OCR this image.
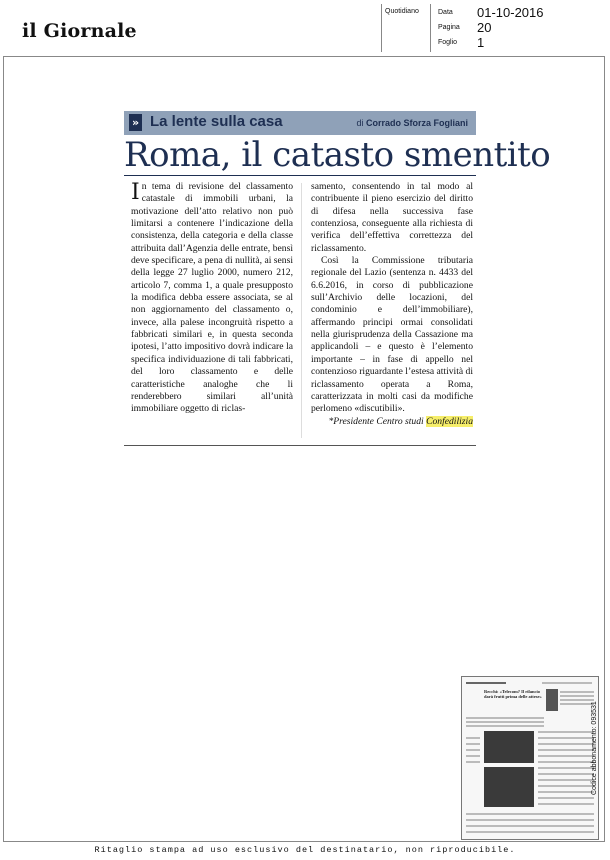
il Giornale
Quotidiano	Data 01-10-2016
Pagina 20
Foglio 1
» La lente sulla casa	di Corrado Sforza Fogliani
Roma, il catasto smentito

In tema di revisione del classamento catastale di immobili urbani, la motivazione dell’atto relativo non può limitarsi a contenere l’indicazione della consistenza, della categoria e della classe attribuita dall’Agenzia delle entrate, bensì deve specificare, a pena di nullità, ai sensi della legge 27 luglio 2000, numero 212, articolo 7, comma 1, a quale presupposto la modifica debba essere associata, se al non aggiornamento del classamento o, invece, alla palese incongruità rispetto a fabbricati similari e, in questa seconda ipotesi, l’atto impositivo dovrà indicare la specifica individuazione di tali fabbricati, del loro classamento e delle caratteristiche analoghe che li renderebbero similari all’unità immobiliare oggetto di riclas-

samento, consentendo in tal modo al contribuente il pieno esercizio del diritto di difesa nella successiva fase contenziosa, conseguente alla richiesta di verifica dell’effettiva correttezza del riclassamento.

Così la Commissione tributaria regionale del Lazio (sentenza n. 4433 del 6.6.2016, in corso di pubblicazione sull’Archivio delle locazioni, del condominio e dell’immobiliare), affermando principi ormai consolidati nella giurisprudenza della Cassazione ma applicandoli – e questo è l’elemento importante – in fase di appello nel contenzioso riguardante l’estesa attività di riclassamento operata a Roma, caratterizzata in molti casi da modifiche perlomeno «discutibili».

*Presidente Centro studi Confedilizia

Recchi: «Telecom? Il rilancio darà frutti prima delle attese»
Codice abbonamento: 093531
Ritaglio stampa ad uso esclusivo del destinatario, non riproducibile.
